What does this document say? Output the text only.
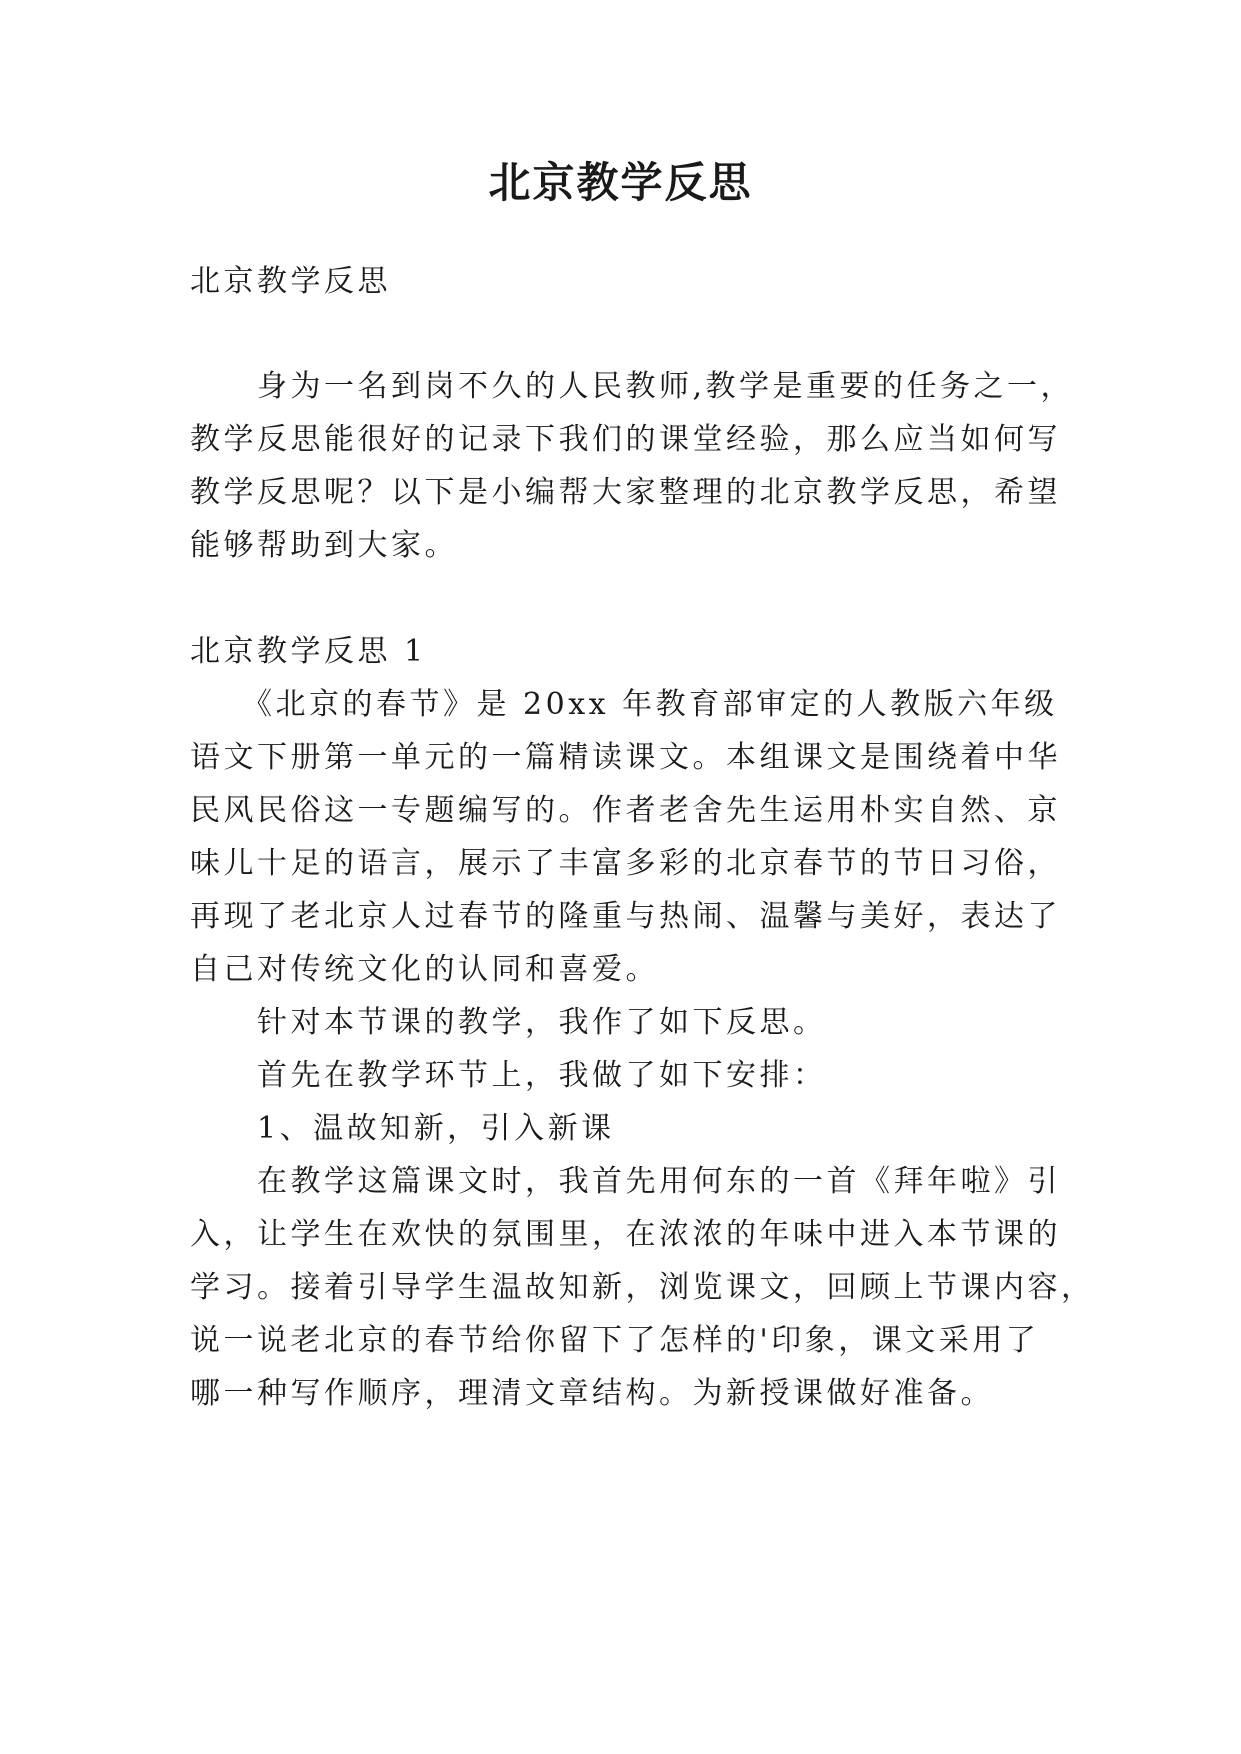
北京教学反思
北京教学反思
　　身为一名到岗不久的人民教师,教学是重要的任务之一，
教学反思能很好的记录下我们的课堂经验，那么应当如何写
教学反思呢？以下是小编帮大家整理的北京教学反思，希望
能够帮助到大家。
北京教学反思 1
　　《北京的春节》是 20xx 年教育部审定的人教版六年级
语文下册第一单元的一篇精读课文。本组课文是围绕着中华
民风民俗这一专题编写的。作者老舍先生运用朴实自然、京
味儿十足的语言，展示了丰富多彩的北京春节的节日习俗，
再现了老北京人过春节的隆重与热闹、温馨与美好，表达了
自己对传统文化的认同和喜爱。
　　针对本节课的教学，我作了如下反思。
　　首先在教学环节上，我做了如下安排：
　　1、温故知新，引入新课
　　在教学这篇课文时，我首先用何东的一首《拜年啦》引
入，让学生在欢快的氛围里，在浓浓的年味中进入本节课的
学习。接着引导学生温故知新，浏览课文，回顾上节课内容，
说一说老北京的春节给你留下了怎样的'印象，课文采用了
哪一种写作顺序，理清文章结构。为新授课做好准备。
